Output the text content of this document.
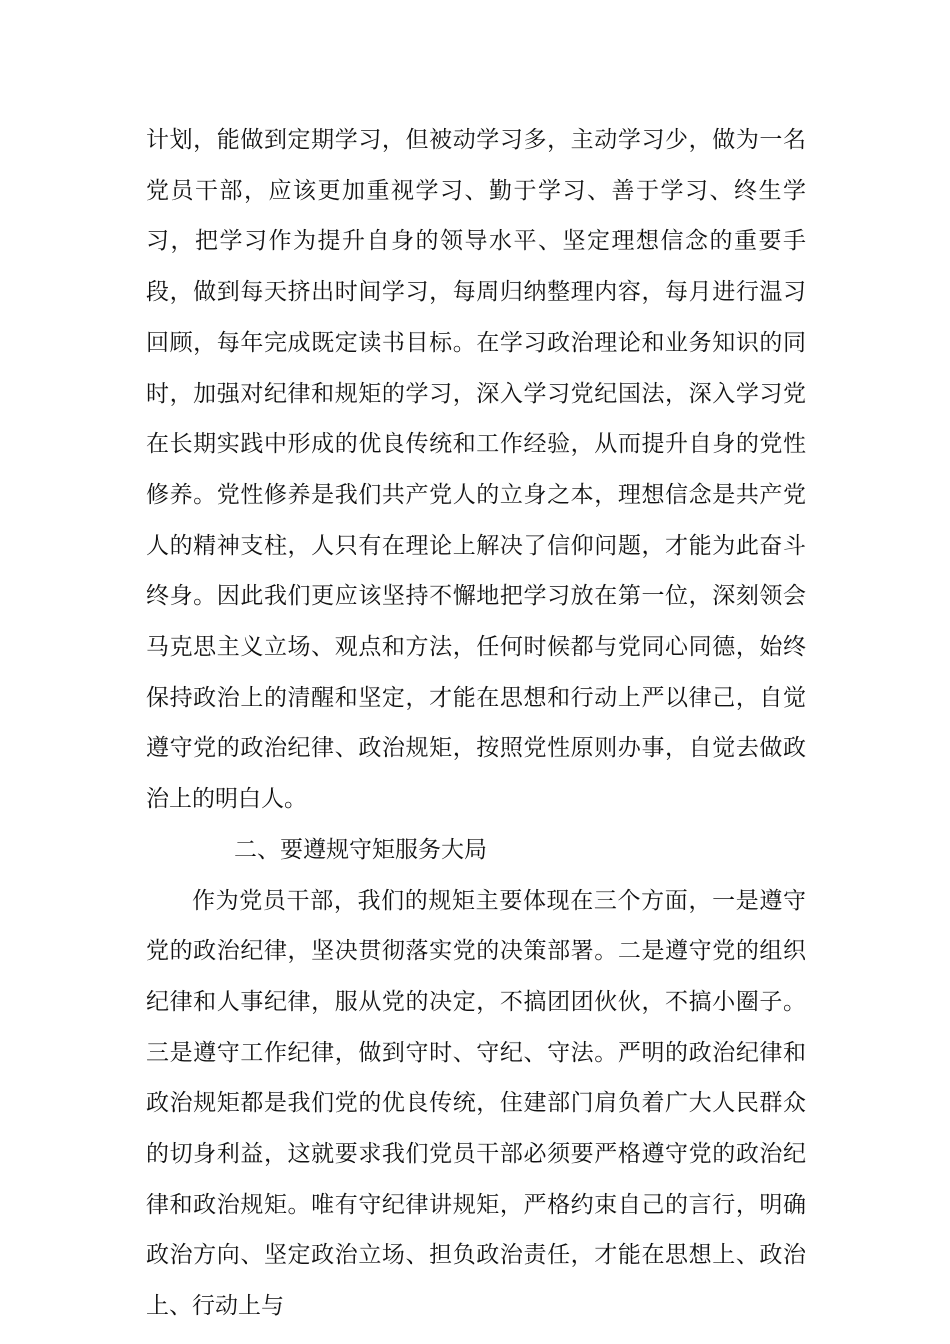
计划，能做到定期学习，但被动学习多，主动学习少，做为一名党员干部，应该更加重视学习、勤于学习、善于学习、终生学习，把学习作为提升自身的领导水平、坚定理想信念的重要手段，做到每天挤出时间学习，每周归纳整理内容，每月进行温习回顾，每年完成既定读书目标。在学习政治理论和业务知识的同时，加强对纪律和规矩的学习，深入学习党纪国法，深入学习党在长期实践中形成的优良传统和工作经验，从而提升自身的党性修养。党性修养是我们共产党人的立身之本，理想信念是共产党人的精神支柱，人只有在理论上解决了信仰问题，才能为此奋斗终身。因此我们更应该坚持不懈地把学习放在第一位，深刻领会马克思主义立场、观点和方法，任何时候都与党同心同德，始终保持政治上的清醒和坚定，才能在思想和行动上严以律己，自觉遵守党的政治纪律、政治规矩，按照党性原则办事，自觉去做政治上的明白人。

二、要遵规守矩服务大局

作为党员干部，我们的规矩主要体现在三个方面，一是遵守党的政治纪律，坚决贯彻落实党的决策部署。二是遵守党的组织纪律和人事纪律，服从党的决定，不搞团团伙伙，不搞小圈子。三是遵守工作纪律，做到守时、守纪、守法。严明的政治纪律和政治规矩都是我们党的优良传统，住建部门肩负着广大人民群众的切身利益，这就要求我们党员干部必须要严格遵守党的政治纪律和政治规矩。唯有守纪律讲规矩，严格约束自己的言行，明确政治方向、坚定政治立场、担负政治责任，才能在思想上、政治上、行动上与
